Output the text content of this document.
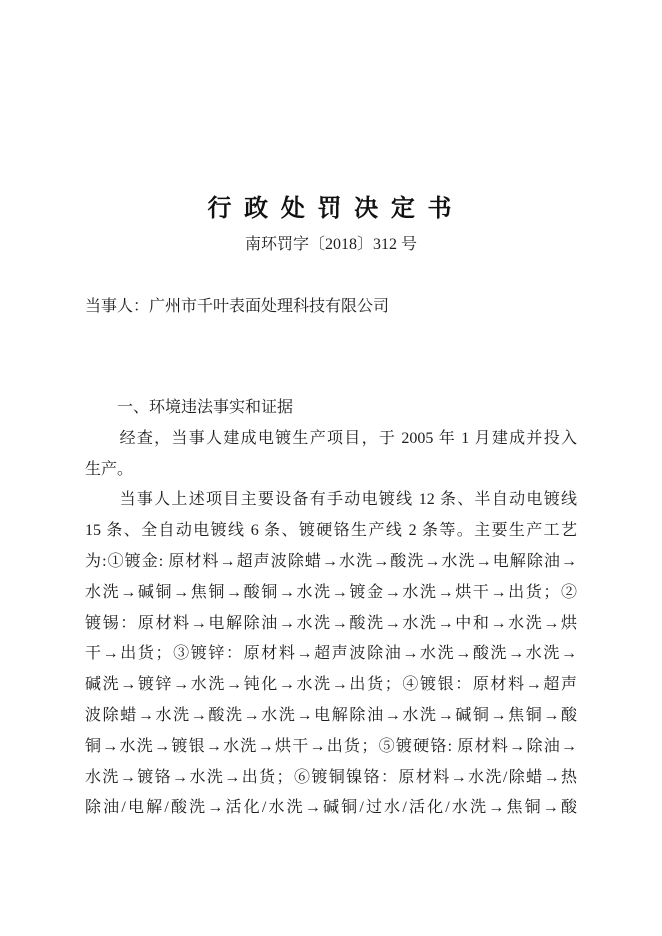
行 政 处 罚 决 定 书
南环罚字〔2018〕312 号
当事人：广州市千叶表面处理科技有限公司
　　一、环境违法事实和证据
　　经查，当事人建成电镀生产项目，于 2005 年 1 月建成并投入
生产。
　　当事人上述项目主要设备有手动电镀线 12 条、半自动电镀线
15 条、全自动电镀线 6 条、镀硬铬生产线 2 条等。主要生产工艺
为:①镀金: 原材料→超声波除蜡→水洗→酸洗→水洗→电解除油→
水洗→碱铜→焦铜→酸铜→水洗→镀金→水洗→烘干→出货；②
镀锡：原材料→电解除油→水洗→酸洗→水洗→中和→水洗→烘
干→出货；③镀锌：原材料→超声波除油→水洗→酸洗→水洗→
碱洗→镀锌→水洗→钝化→水洗→出货；④镀银：原材料→超声
波除蜡→水洗→酸洗→水洗→电解除油→水洗→碱铜→焦铜→酸
铜→水洗→镀银→水洗→烘干→出货；⑤镀硬铬: 原材料→除油→
水洗→镀铬→水洗→出货；⑥镀铜镍铬：原材料→水洗/除蜡→热
除油/电解/酸洗→活化/水洗→碱铜/过水/活化/水洗→焦铜→酸
